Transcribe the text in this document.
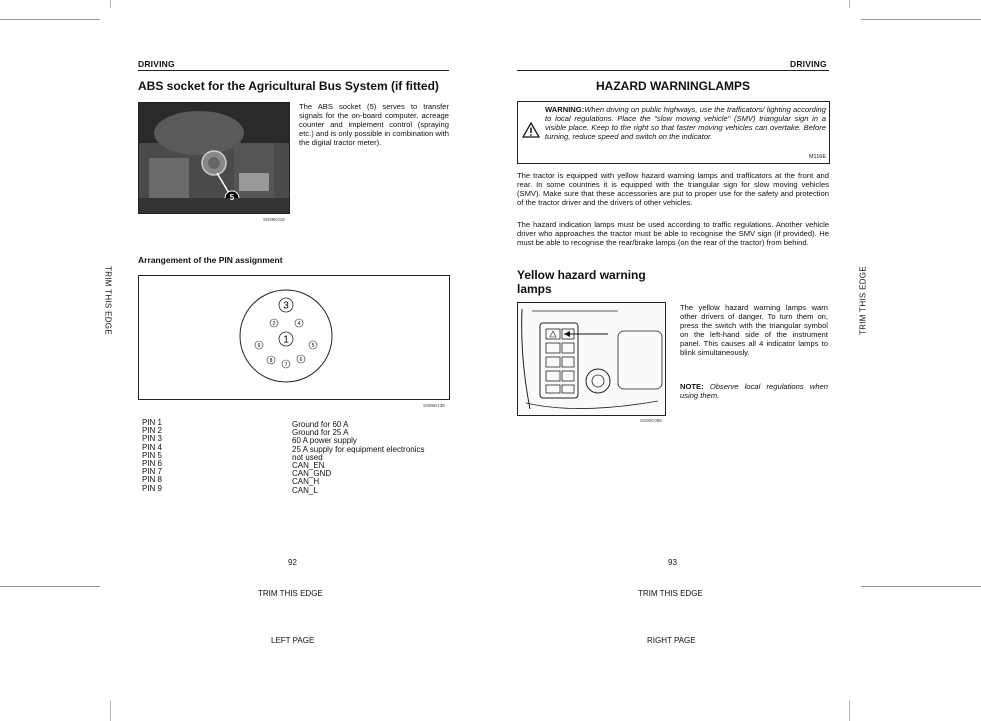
DRIVING
ABS socket for the Agricultural Bus System (if fitted)
5
SD99K018
The ABS socket (5) serves to transfer signals for the on-board computer, acreage counter and implement control (spraying etc.) and is only possible in combination with the digital tractor meter).
Arrangement of the PIN assignment
3
1
2	4
9	5
8
7
6
SS99D138
PIN 1	Ground for 60 A
PIN 2	Ground for 25 A
PIN 3	60 A power supply
PIN 4	25 A supply for equipment electronics
PIN 5	not used
PIN 6	CAN_EN
PIN 7	CAN_GND
PIN 8	CAN_H
PIN 9	CAN_L
92
TRIM THIS EDGE
LEFT PAGE
TRIM THIS EDGE
DRIVING
HAZARD WARNINGLAMPS
WARNING:When driving on public highways, use the trafficators/ lighting according to local regulations. Place the "slow moving vehicle" (SMV) triangular sign in a visible place. Keep to the right so that faster moving vehicles can overtake. Before turning, reduce speed and switch on the indicator.
M116E
The tractor is equipped with yellow hazard warning lamps and trafficators at the front and rear. In some countries it is equipped with the triangular sign for slow moving vehicles (SMV). Make sure that these accessories are put to proper use for the safety and protection of the tractor driver and the drivers of other vehicles.
The hazard indication lamps must be used according to traffic regulations. Another vehicle driver who approaches the tractor must be able to recognise the SMV sign (if provided). He must be able to recognise the rear/brake lamps (on the rear of the tractor) from behind.
Yellow hazard warning
lamps
SS00C088
The yellow hazard warning lamps warn other drivers of danger. To turn them on, press the switch with the triangular symbol on the left-hand side of the instrument panel. This causes all 4 indicator lamps to blink simultaneously.
NOTE: Observe local regulations when using them.
93
TRIM THIS EDGE
RIGHT PAGE
TRIM THIS EDGE
